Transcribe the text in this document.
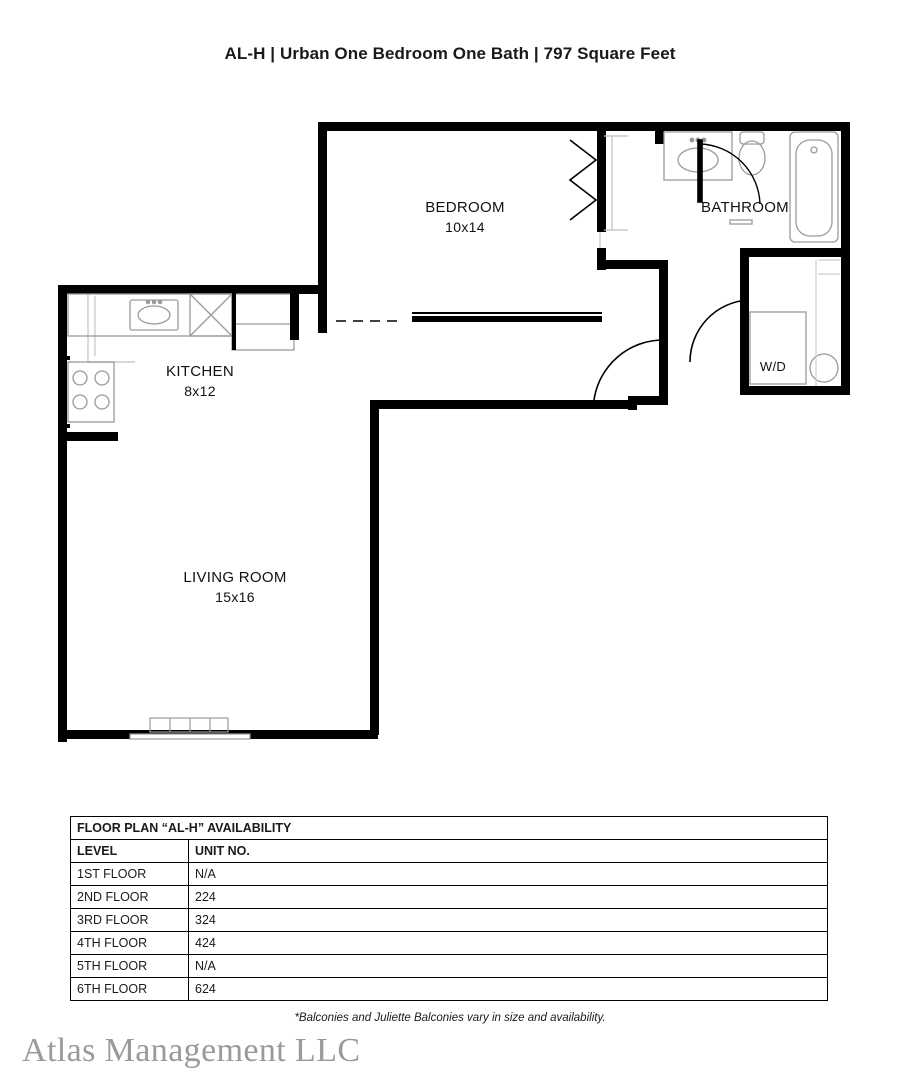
AL-H | Urban One Bedroom One Bath | 797 Square Feet
BEDROOM
10x14
BATHROOM
KITCHEN
8x12
LIVING ROOM
15x16
W/D
FLOOR PLAN “AL-H” AVAILABILITY	
LEVEL	UNIT NO.
1ST FLOOR	N/A
2ND FLOOR	224
3RD FLOOR	324
4TH FLOOR	424
5TH FLOOR	N/A
6TH FLOOR	624
*Balconies and Juliette Balconies vary in size and availability.
Atlas Management LLC
